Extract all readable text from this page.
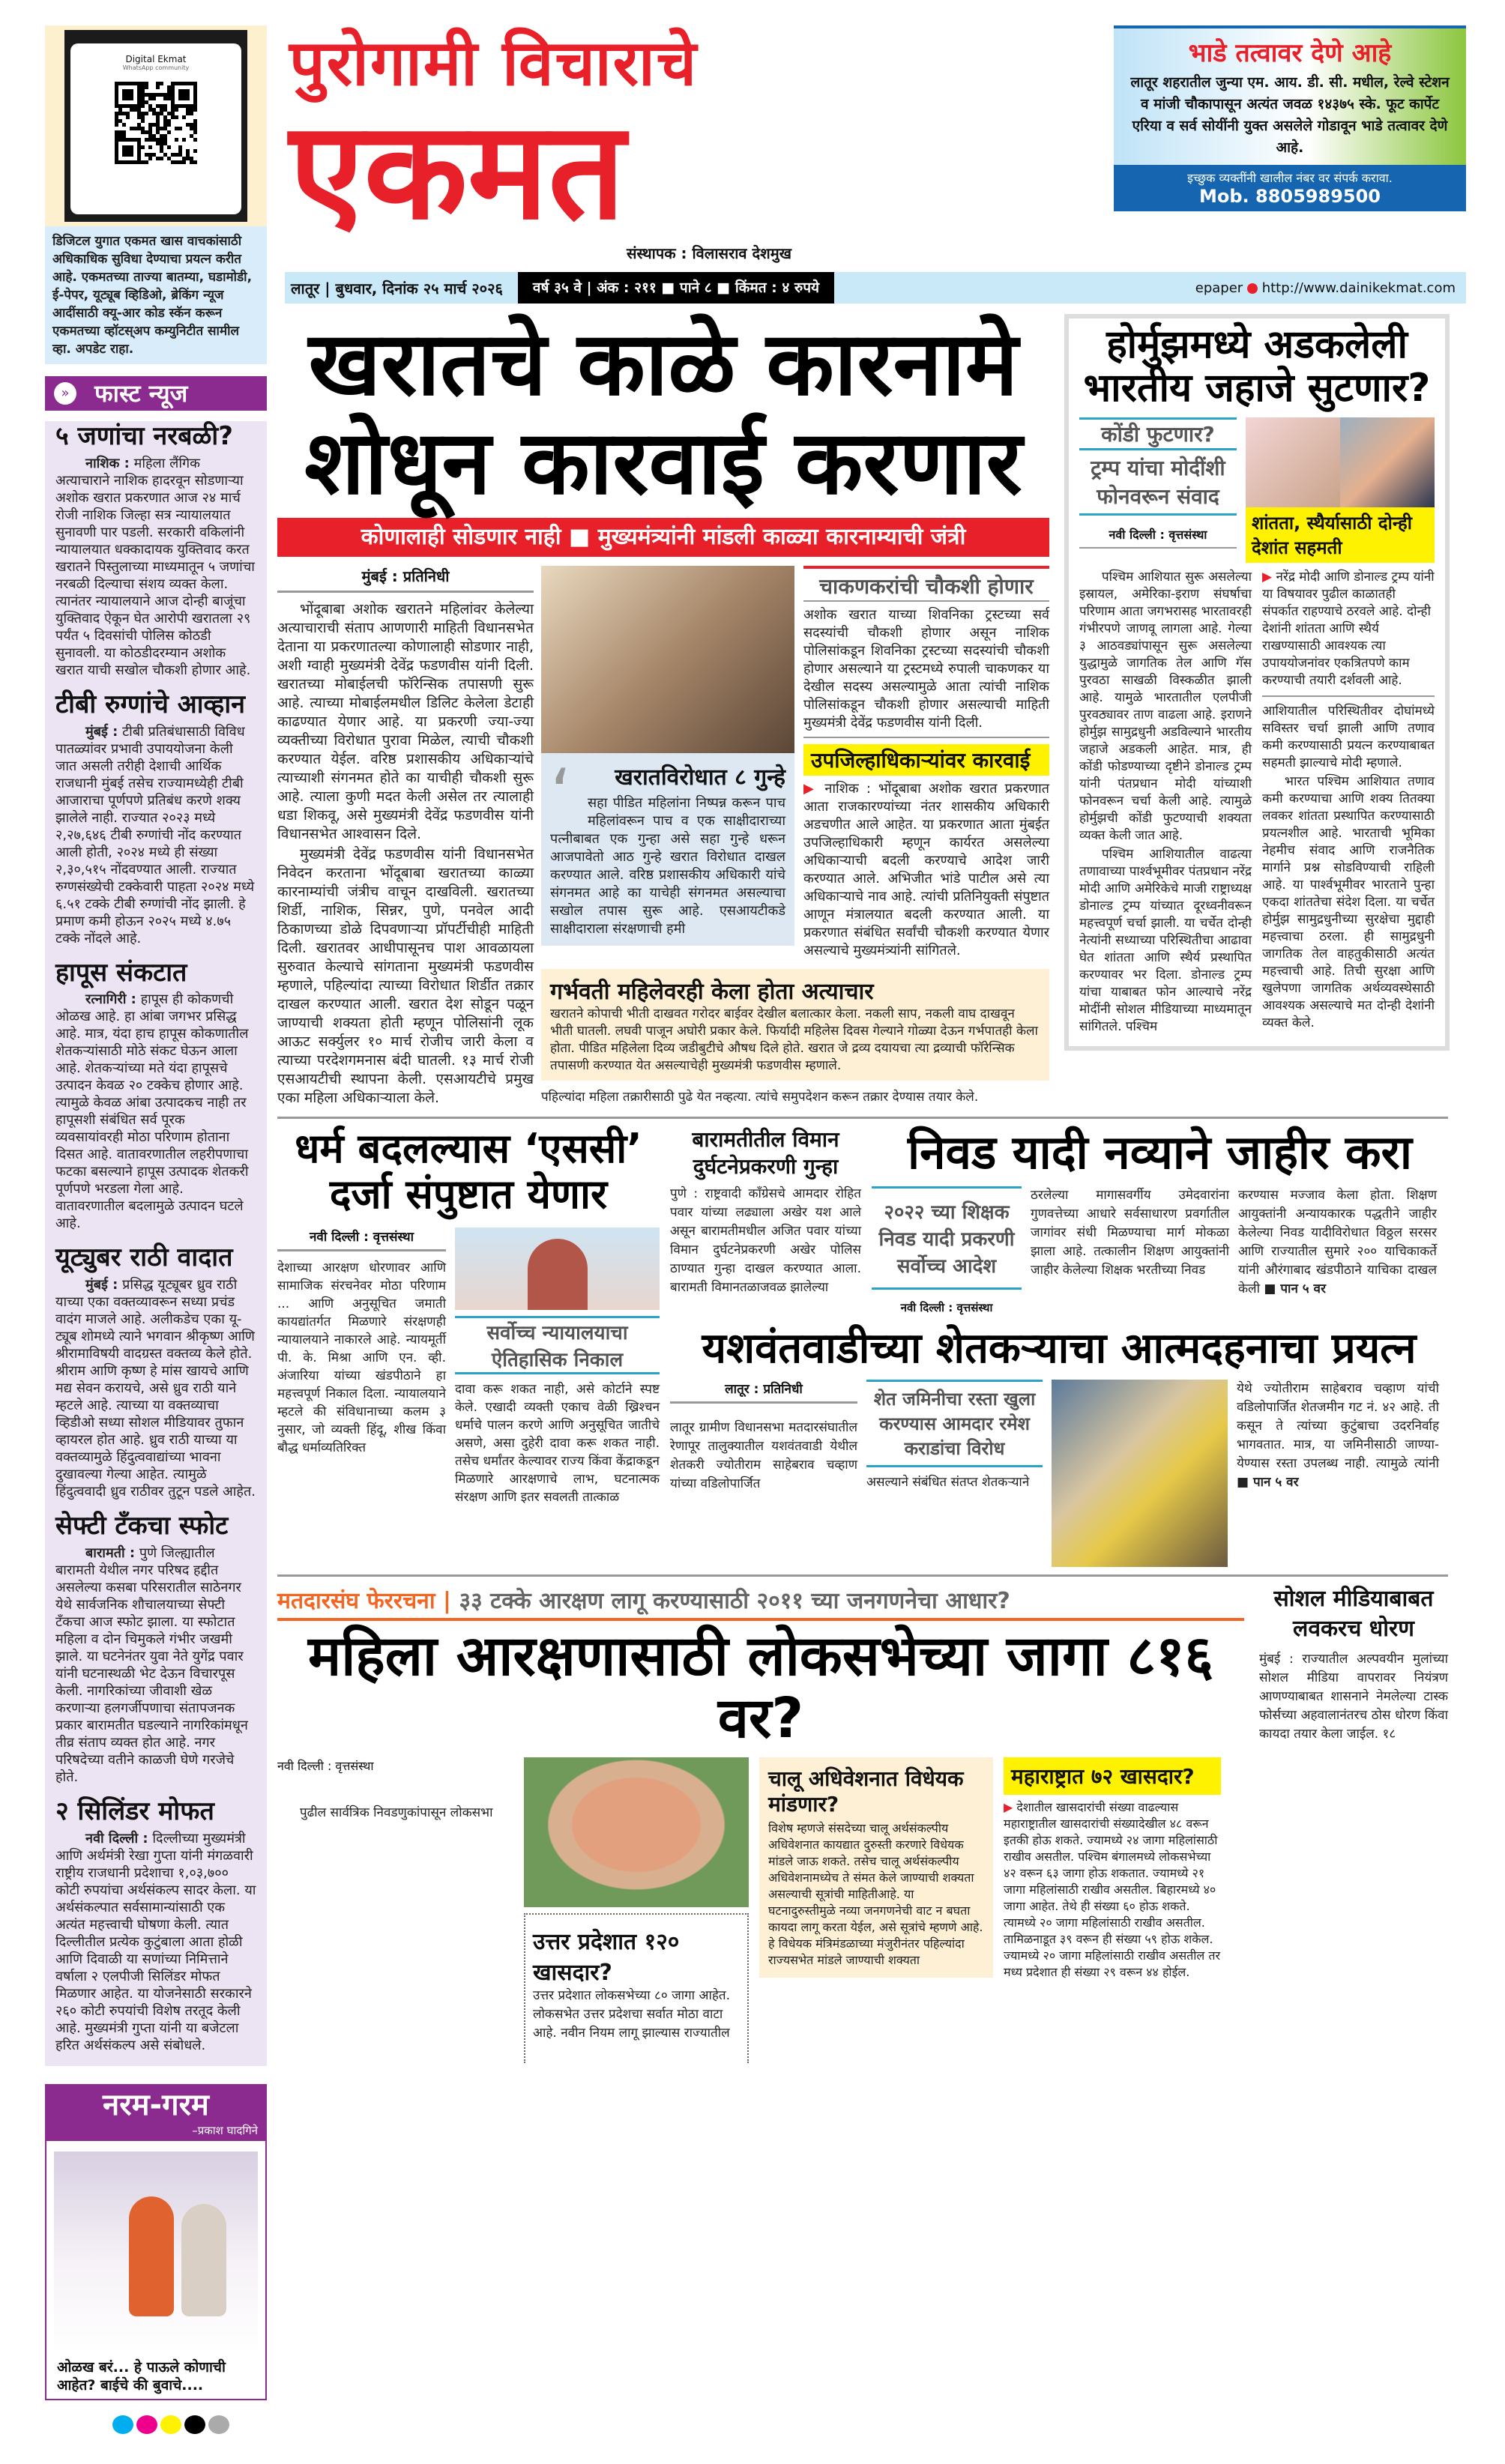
Digital Ekmat
WhatsApp community
डिजिटल युगात एकमत खास वाचकांसाठी अधिकाधिक सुविधा देण्याचा प्रयत्न करीत आहे. एकमतच्या ताज्या बातम्या, घडामोडी, ई-पेपर, यूट्यूब व्हिडिओ, ब्रेकिंग न्यूज आदींसाठी क्यू-आर कोड स्कॅन करून एकमतच्या व्हॉटस्अप कम्युनिटीत सामील व्हा. अपडेट राहा.
» फास्ट न्यूज
५ जणांचा नरबळी?
नाशिक : महिला लैंगिक अत्याचाराने नाशिक हादरवून सोडणाऱ्या अशोक खरात प्रकरणात आज २४ मार्च रोजी नाशिक जिल्हा सत्र न्यायालयात सुनावणी पार पडली. सरकारी वकिलांनी न्यायालयात धक्कादायक युक्तिवाद करत खरातने पिस्तुलाच्या माध्यमातून ५ जणांचा नरबळी दिल्याचा संशय व्यक्त केला. त्यानंतर न्यायालयाने आज दोन्ही बाजूंचा युक्तिवाद ऐकून घेत आरोपी खरातला २९ पर्यंत ५ दिवसांची पोलिस कोठडी सुनावली. या कोठडीदरम्यान अशोक खरात याची सखोल चौकशी होणार आहे.
टीबी रुग्णांचे आव्हान
मुंबई : टीबी प्रतिबंधासाठी विविध पातळ्यांवर प्रभावी उपाययोजना केली जात असली तरीही देशाची आर्थिक राजधानी मुंबई तसेच राज्यामध्येही टीबी आजाराचा पूर्णपणे प्रतिबंध करणे शक्य झालेले नाही. राज्यात २०२३ मध्ये २,२७,६४६ टीबी रुग्णांची नोंद करण्यात आली होती, २०२४ मध्ये ही संख्या २,३०,५१५ नोंदवण्यात आली. राज्यात रुग्णसंख्येची टक्केवारी पाहता २०२४ मध्ये ६.५१ टक्के टीबी रुग्णांची नोंद झाली. हे प्रमाण कमी होऊन २०२५ मध्ये ४.७५ टक्के नोंदले आहे.
हापूस संकटात
रत्नागिरी : हापूस ही कोकणची ओळख आहे. हा आंबा जगभर प्रसिद्ध आहे. मात्र, यंदा हाच हापूस कोकणातील शेतकऱ्यांसाठी मोठे संकट घेऊन आला आहे. शेतकऱ्यांच्या मते यंदा हापूसचे उत्पादन केवळ २० टक्केच होणार आहे. त्यामुळे केवळ आंबा उत्पादकच नाही तर हापूसशी संबंधित सर्व पूरक व्यवसायांवरही मोठा परिणाम होताना दिसत आहे. वातावरणातील लहरीपणाचा फटका बसल्याने हापूस उत्पादक शेतकरी पूर्णपणे भरडला गेला आहे. वातावरणातील बदलामुळे उत्पादन घटले आहे.
यूट्युबर राठी वादात
मुंबई : प्रसिद्ध यूट्यूबर ध्रुव राठी याच्या एका वक्तव्यावरून सध्या प्रचंड वादंग माजले आहे. अलीकडेच एका यू-ट्यूब शोमध्ये त्याने भगवान श्रीकृष्ण आणि श्रीरामाविषयी वादग्रस्त वक्तव्य केले होते. श्रीराम आणि कृष्ण हे मांस खायचे आणि मद्य सेवन करायचे, असे ध्रुव राठी याने म्हटले आहे. त्याच्या या वक्तव्याचा व्हिडीओ सध्या सोशल मीडियावर तुफान व्हायरल होत आहे. ध्रुव राठी याच्या या वक्तव्यामुळे हिंदुत्ववाद्यांच्या भावना दुखावल्या गेल्या आहेत. त्यामुळे हिंदुत्ववादी ध्रुव राठीवर तुटून पडले आहेत.
सेफ्टी टँकचा स्फोट
बारामती : पुणे जिल्ह्यातील बारामती येथील नगर परिषद हद्दीत असलेल्या कसबा परिसरातील साठेनगर येथे सार्वजनिक शौचालयाच्या सेफ्टी टँकचा आज स्फोट झाला. या स्फोटात महिला व दोन चिमुकले गंभीर जखमी झाले. या घटनेनंतर युवा नेते युगेंद्र पवार यांनी घटनास्थळी भेट देऊन विचारपूस केली. नागरिकांच्या जीवाशी खेळ करणाऱ्या हलगर्जीपणाचा संतापजनक प्रकार बारामतीत घडल्याने नागरिकांमधून तीव्र संताप व्यक्त होत आहे. नगर परिषदेच्या वतीने काळजी घेणे गरजेचे होते.
२ सिलिंडर मोफत
नवी दिल्ली : दिल्लीच्या मुख्यमंत्री आणि अर्थमंत्री रेखा गुप्ता यांनी मंगळवारी राष्ट्रीय राजधानी प्रदेशाचा १,०३,७०० कोटी रुपयांचा अर्थसंकल्प सादर केला. या अर्थसंकल्पात सर्वसामान्यांसाठी एक अत्यंत महत्त्वाची घोषणा केली. त्यात दिल्लीतील प्रत्येक कुटुंबाला आता होळी आणि दिवाळी या सणांच्या निमित्ताने वर्षाला २ एलपीजी सिलिंडर मोफत मिळणार आहेत. या योजनेसाठी सरकारने २६० कोटी रुपयांची विशेष तरतूद केली आहे. मुख्यमंत्री गुप्ता यांनी या बजेटला हरित अर्थसंकल्प असे संबोधले.
नरम-गरम
–प्रकाश घादगिने
ओळख बरं... हे पाऊले कोणाची आहेत? बाईचे की बुवाचे....
पुरोगामी विचाराचे
एकमत
संस्थापक : विलासराव देशमुख
भाडे तत्वावर देणे आहे
लातूर शहरातील जुन्या एम. आय. डी. सी. मधील, रेल्वे स्टेशन व मांजी चौकापासून अत्यंत जवळ १४३७५ स्के. फूट कार्पेट एरिया व सर्व सोयींनी युक्त असलेले गोडावून भाडे तत्वावर देणे आहे.
इच्छुक व्यक्तींनी खालील नंबर वर संपर्क करावा.
Mob. 8805989500
लातूर | बुधवार, दिनांक २५ मार्च २०२६	वर्ष ३५ वे | अंक : २११ ■ पाने ८ ■ किंमत : ४ रुपये	epaper http://www.dainikekmat.com
खरातचे काळे कारनामे
शोधून कारवाई करणार
कोणालाही सोडणार नाही ■ मुख्यमंत्र्यांनी मांडली काळ्या कारनाम्याची जंत्री
मुंबई : प्रतिनिधी

भोंदूबाबा अशोक खरातने महिलांवर केलेल्या अत्याचाराची संताप आणणारी माहिती विधानसभेत देताना या प्रकरणातल्या कोणालाही सोडणार नाही, अशी ग्वाही मुख्यमंत्री देवेंद्र फडणवीस यांनी दिली. खरातच्या मोबाईलची फॉरेन्सिक तपासणी सुरू आहे. त्याच्या मोबाईलमधील डिलिट केलेला डेटाही काढण्यात येणार आहे. या प्रकरणी ज्या-ज्या व्यक्तीच्या विरोधात पुरावा मिळेल, त्याची चौकशी करण्यात येईल. वरिष्ठ प्रशासकीय अधिकाऱ्यांचे त्याच्याशी संगनमत होते का याचीही चौकशी सुरू आहे. त्याला कुणी मदत केली असेल तर त्यालाही धडा शिकवू, असे मुख्यमंत्री देवेंद्र फडणवीस यांनी विधानसभेत आश्वासन दिले.

मुख्यमंत्री देवेंद्र फडणवीस यांनी विधानसभेत निवेदन करताना भोंदूबाबा खरातच्या काळ्या कारनाम्यांची जंत्रीच वाचून दाखविली. खरातच्या शिर्डी, नाशिक, सिन्नर, पुणे, पनवेल आदी ठिकाणच्या डोळे दिपवणाऱ्या प्रॉपर्टीचीही माहिती दिली. खरातवर आधीपासूनच पाश आवळायला सुरुवात केल्याचे सांगताना मुख्यमंत्री फडणवीस म्हणाले, पहिल्यांदा त्याच्या विरोधात शिर्डीत तक्रार दाखल करण्यात आली. खरात देश सोडून पळून जाण्याची शक्यता होती म्हणून पोलिसांनी लूक आऊट सर्क्युलर १० मार्च रोजीच जारी केला व त्याच्या परदेशगमनास बंदी घातली. १३ मार्च रोजी एसआयटीची स्थापना केली. एसआयटीचे प्रमुख एका महिला अधिकाऱ्याला केले.

‘	खरातविरोधात ८ गुन्हे
सहा पीडित महिलांना निष्पन्न करून पाच महिलांवरून पाच व एक साक्षीदाराच्या पत्नीबाबत एक गुन्हा असे सहा गुन्हे धरून आजपावेतो आठ गुन्हे खरात विरोधात दाखल करण्यात आले. वरिष्ठ प्रशासकीय अधिकारी यांचे संगनमत आहे का याचेही संगनमत असल्याचा सखोल तपास सुरू आहे. एसआयटीकडे साक्षीदाराला संरक्षणाची हमी
चाकणकरांची चौकशी होणार
अशोक खरात याच्या शिवनिका ट्रस्टच्या सर्व सदस्यांची चौकशी होणार असून नाशिक पोलिसांकडून शिवनिका ट्रस्टच्या सदस्यांची चौकशी होणार असल्याने या ट्रस्टमध्ये रुपाली चाकणकर या देखील सदस्य असल्यामुळे आता त्यांची नाशिक पोलिसांकडून चौकशी होणार असल्याची माहिती मुख्यमंत्री देवेंद्र फडणवीस यांनी दिली.
उपजिल्हाधिकाऱ्यांवर कारवाई
▶ नाशिक : भोंदूबाबा अशोक खरात प्रकरणात आता राजकारण्यांच्या नंतर शासकीय अधिकारी अडचणीत आले आहेत. या प्रकरणात आता मुंबईत उपजिल्हाधिकारी म्हणून कार्यरत असलेल्या अधिकाऱ्याची बदली करण्याचे आदेश जारी करण्यात आले. अभिजीत भांडे पाटील असे त्या अधिकाऱ्याचे नाव आहे. त्यांची प्रतिनियुक्ती संपुष्टात आणून मंत्रालयात बदली करण्यात आली. या प्रकरणात संबंधित सर्वांची चौकशी करण्यात येणार असल्याचे मुख्यमंत्र्यांनी सांगितले.
गर्भवती महिलेवरही केला होता अत्याचार
खरातने कोपाची भीती दाखवत गरोदर बाईवर देखील बलात्कार केला. नकली साप, नकली वाघ दाखवून भीती घातली. लघवी पाजून अघोरी प्रकार केले. फिर्यादी महिलेस दिवस गेल्याने गोळ्या देऊन गर्भपातही केला होता. पीडित महिलेला दिव्य जडीबुटीचे औषध दिले होते. खरात जे द्रव्य दयायचा त्या द्रव्याची फॉरेन्सिक तपासणी करण्यात येत असल्याचेही मुख्यमंत्री फडणवीस म्हणाले.
पहिल्यांदा महिला तक्रारीसाठी पुढे येत नव्हत्या. त्यांचे समुपदेशन करून तक्रार देण्यास तयार केले.
होर्मुझमध्ये अडकलेली भारतीय जहाजे सुटणार?
कोंडी फुटणार?
ट्रम्प यांचा मोदींशी फोनवरून संवाद
नवी दिल्ली : वृत्तसंस्था
शांतता, स्थैर्यासाठी दोन्ही देशांत सहमती

पश्चिम आशियात सुरू असलेल्या इस्रायल, अमेरिका-इराण संघर्षाचा परिणाम आता जगभरासह भारतावरही गंभीरपणे जाणवू लागला आहे. गेल्या ३ आठवड्यांपासून सुरू असलेल्या युद्धामुळे जागतिक तेल आणि गॅस पुरवठा साखळी विस्कळीत झाली आहे. यामुळे भारतातील एलपीजी पुरवठ्यावर ताण वाढला आहे. इराणने होर्मुझ सामुद्रधुनी अडविल्याने भारतीय जहाजे अडकली आहेत. मात्र, ही कोंडी फोडण्याच्या दृष्टीने डोनाल्ड ट्रम्प यांनी पंतप्रधान मोदी यांच्याशी फोनवरून चर्चा केली आहे. त्यामुळे होर्मुझची कोंडी फुटण्याची शक्यता व्यक्त केली जात आहे.

पश्चिम आशियातील वाढत्या तणावाच्या पार्श्वभूमीवर पंतप्रधान नरेंद्र मोदी आणि अमेरिकेचे माजी राष्ट्राध्यक्ष डोनाल्ड ट्रम्प यांच्यात दूरध्वनीवरून महत्त्वपूर्ण चर्चा झाली. या चर्चेत दोन्ही नेत्यांनी सध्याच्या परिस्थितीचा आढावा घेत शांतता आणि स्थैर्य प्रस्थापित करण्यावर भर दिला. डोनाल्ड ट्रम्प यांचा याबाबत फोन आल्याचे नरेंद्र मोदींनी सोशल मीडियाच्या माध्यमातून सांगितले. पश्चिम

▶ नरेंद्र मोदी आणि डोनाल्ड ट्रम्प यांनी या विषयावर पुढील काळातही संपर्कात राहण्याचे ठरवले आहे. दोन्ही देशांनी शांतता आणि स्थैर्य राखण्यासाठी आवश्यक त्या उपाययोजनांवर एकत्रितपणे काम करण्याची तयारी दर्शवली आहे.

आशियातील परिस्थितीवर दोघांमध्ये सविस्तर चर्चा झाली आणि तणाव कमी करण्यासाठी प्रयत्न करण्याबाबत सहमती झाल्याचे मोदी म्हणाले.

भारत पश्चिम आशियात तणाव कमी करण्याचा आणि शक्य तितक्या लवकर शांतता प्रस्थापित करण्यासाठी प्रयत्नशील आहे. भारताची भूमिका नेहमीच संवाद आणि राजनैतिक मार्गाने प्रश्न सोडविण्याची राहिली आहे. या पार्श्वभूमीवर भारताने पुन्हा एकदा शांततेचा संदेश दिला. या चर्चेत होर्मुझ सामुद्रधुनीच्या सुरक्षेचा मुद्दाही महत्त्वाचा ठरला. ही सामुद्रधुनी जागतिक तेल वाहतुकीसाठी अत्यंत महत्त्वाची आहे. तिची सुरक्षा आणि खुलेपणा जागतिक अर्थव्यवस्थेसाठी आवश्यक असल्याचे मत दोन्ही देशांनी व्यक्त केले.

धर्म बदलल्यास ‘एससी’ दर्जा संपुष्टात येणार
नवी दिल्ली : वृत्तसंस्था
देशाच्या आरक्षण धोरणावर आणि सामाजिक संरचनेवर मोठा परिणाम ... आणि अनुसूचित जमाती कायद्यांतर्गत मिळणारे संरक्षणही न्यायालयाने नाकारले आहे. न्यायमूर्ती पी. के. मिश्रा आणि एन. व्ही. अंजारिया यांच्या खंडपीठाने हा महत्त्वपूर्ण निकाल दिला. न्यायालयाने म्हटले की संविधानाच्या कलम ३ नुसार, जो व्यक्ती हिंदू, शीख किंवा बौद्ध धर्माव्यतिरिक्त
सर्वोच्च न्यायालयाचा ऐतिहासिक निकाल
दावा करू शकत नाही, असे कोर्टाने स्पष्ट केले. एखादी व्यक्ती एकाच वेळी ख्रिश्चन धर्माचे पालन करणे आणि अनुसूचित जातीचे असणे, असा दुहेरी दावा करू शकत नाही. तसेच धर्मांतर केल्यावर राज्य किंवा केंद्राकडून मिळणारे आरक्षणाचे लाभ, घटनात्मक संरक्षण आणि इतर सवलती तात्काळ
बारामतीतील विमान दुर्घटनेप्रकरणी गुन्हा
पुणे : राष्ट्रवादी काँग्रेसचे आमदार रोहित पवार यांच्या लढ्याला अखेर यश आले असून बारामतीमधील अजित पवार यांच्या विमान दुर्घटनेप्रकरणी अखेर पोलिस ठाण्यात गुन्हा दाखल करण्यात आला. बारामती विमानतळाजवळ झालेल्या
निवड यादी नव्याने जाहीर करा
२०२२ च्या शिक्षक निवड यादी प्रकरणी सर्वोच्च आदेश
नवी दिल्ली : वृत्तसंस्था
ठरलेल्या मागासवर्गीय उमेदवारांना गुणवत्तेच्या आधारे सर्वसाधारण प्रवर्गातील जागांवर संधी मिळण्याचा मार्ग मोकळा झाला आहे. तत्कालीन शिक्षण आयुक्तांनी जाहीर केलेल्या शिक्षक भरतीच्या निवड
करण्यास मज्जाव केला होता. शिक्षण आयुक्तांनी अन्यायकारक पद्धतीने जाहीर केलेल्या निवड यादीविरोधात विठ्ठल सरसर आणि राज्यातील सुमारे २०० याचिकाकर्ते यांनी औरंगाबाद खंडपीठाने याचिका दाखल केली ■ पान ५ वर
यशवंतवाडीच्या शेतकऱ्याचा आत्मदहनाचा प्रयत्न
लातूर : प्रतिनिधी
लातूर ग्रामीण विधानसभा मतदारसंघातील रेणापूर तालुक्यातील यशवंतवाडी येथील शेतकरी ज्योतीराम साहेबराव चव्हाण यांच्या वडिलोपार्जित
शेत जमिनीचा रस्ता खुला करण्यास आमदार रमेश कराडांचा विरोध
असल्याने संबंधित संतप्त शेतकऱ्याने
येथे ज्योतीराम साहेबराव चव्हाण यांची वडिलोपार्जित शेतजमीन गट नं. ४२ आहे. ती कसून ते त्यांच्या कुटुंबाचा उदरनिर्वाह भागवतात. मात्र, या जमिनीसाठी जाण्या-येण्यास रस्ता उपलब्ध नाही. त्यामुळे त्यांनी ■ पान ५ वर
मतदारसंघ फेररचना | ३३ टक्के आरक्षण लागू करण्यासाठी २०११ च्या जनगणनेचा आधार?
महिला आरक्षणासाठी लोकसभेच्या जागा ८१६ वर?
नवी दिल्ली : वृत्तसंस्था
पुढील सार्वत्रिक निवडणुकांपासून लोकसभा
उत्तर प्रदेशात १२० खासदार?
उत्तर प्रदेशात लोकसभेच्या ८० जागा आहेत. लोकसभेत उत्तर प्रदेशचा सर्वात मोठा वाटा आहे. नवीन नियम लागू झाल्यास राज्यातील
चालू अधिवेशनात विधेयक मांडणार?
विशेष म्हणजे संसदेच्या चालू अर्थसंकल्पीय अधिवेशनात कायद्यात दुरुस्ती करणारे विधेयक मांडले जाऊ शकते. तसेच चालू अर्थसंकल्पीय अधिवेशनामध्येच ते संमत केले जाण्याची शक्यता असल्याची सूत्रांची माहितीआहे. या घटनादुरुस्तीमुळे नव्या जनगणनेची वाट न बघता कायदा लागू करता येईल, असे सूत्रांचे म्हणणे आहे. हे विधेयक मंत्रिमंडळाच्या मंजुरीनंतर पहिल्यांदा राज्यसभेत मांडले जाण्याची शक्यता
महाराष्ट्रात ७२ खासदार?
▶ देशातील खासदारांची संख्या वाढल्यास महाराष्ट्रातील खासदारांची संख्यादेखील ४८ वरून इतकी होऊ शकते. ज्यामध्ये २४ जागा महिलांसाठी राखीव असतील. पश्चिम बंगालमध्ये लोकसभेच्या ४२ वरून ६३ जागा होऊ शकतात. ज्यामध्ये २१ जागा महिलांसाठी राखीव असतील. बिहारमध्ये ४० जागा आहेत. तेथे ही संख्या ६० होऊ शकते. त्यामध्ये २० जागा महिलांसाठी राखीव असतील. तामिळनाडूत ३९ वरून ही संख्या ५९ होऊ शकेल. ज्यामध्ये २० जागा महिलांसाठी राखीव असतील तर मध्य प्रदेशात ही संख्या २९ वरून ४४ होईल.
सोशल मीडियाबाबत लवकरच धोरण
मुंबई : राज्यातील अल्पवयीन मुलांच्या सोशल मीडिया वापरावर नियंत्रण आणण्याबाबत शासनाने नेमलेल्या टास्क फोर्सच्या अहवालानंतरच ठोस धोरण किंवा कायदा तयार केला जाईल. १८
